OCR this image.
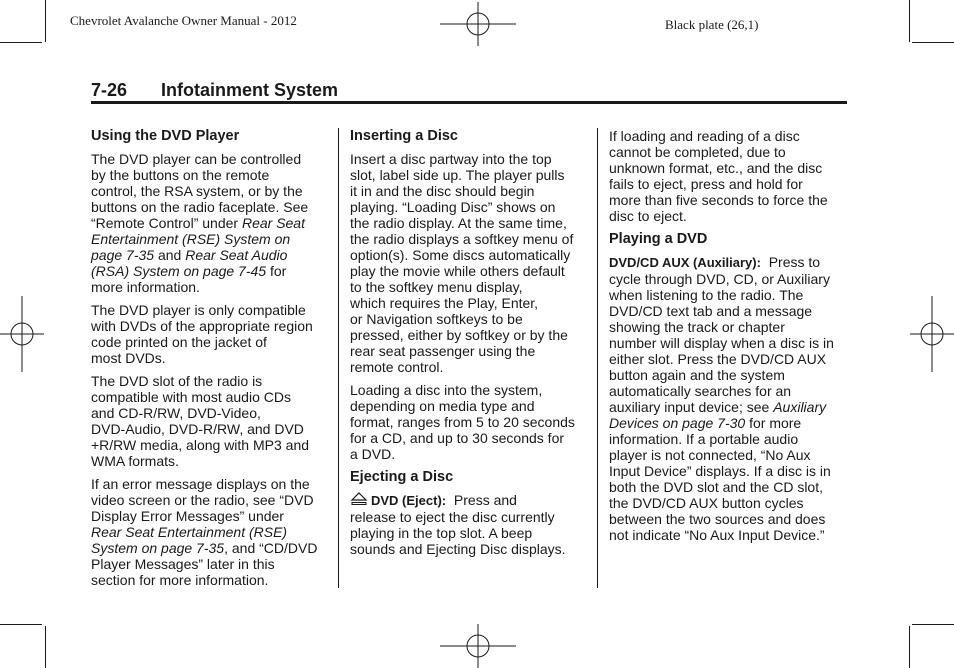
Chevrolet Avalanche Owner Manual - 2012	Black plate (26,1)
7-26 Infotainment System
Using the DVD Player

The DVD player can be controlled
by the buttons on the remote
control, the RSA system, or by the
buttons on the radio faceplate. See
“Remote Control” under Rear Seat
Entertainment (RSE) System on
page 7-35 and Rear Seat Audio
(RSA) System on page 7-45 for
more information.

The DVD player is only compatible
with DVDs of the appropriate region
code printed on the jacket of
most DVDs.

The DVD slot of the radio is
compatible with most audio CDs
and CD-R/RW, DVD-Video,
DVD-Audio, DVD-R/RW, and DVD
+R/RW media, along with MP3 and
WMA formats.

If an error message displays on the
video screen or the radio, see “DVD
Display Error Messages” under
Rear Seat Entertainment (RSE)
System on page 7-35, and “CD/DVD
Player Messages” later in this
section for more information.

Inserting a Disc

Insert a disc partway into the top
slot, label side up. The player pulls
it in and the disc should begin
playing. “Loading Disc” shows on
the radio display. At the same time,
the radio displays a softkey menu of
option(s). Some discs automatically
play the movie while others default
to the softkey menu display,
which requires the Play, Enter,
or Navigation softkeys to be
pressed, either by softkey or by the
rear seat passenger using the
remote control.

Loading a disc into the system,
depending on media type and
format, ranges from 5 to 20 seconds
for a CD, and up to 30 seconds for
a DVD.

Ejecting a Disc

DVD (Eject):  Press and
release to eject the disc currently
playing in the top slot. A beep
sounds and Ejecting Disc displays.

If loading and reading of a disc
cannot be completed, due to
unknown format, etc., and the disc
fails to eject, press and hold for
more than five seconds to force the
disc to eject.

Playing a DVD

DVD/CD AUX (Auxiliary):  Press to
cycle through DVD, CD, or Auxiliary
when listening to the radio. The
DVD/CD text tab and a message
showing the track or chapter
number will display when a disc is in
either slot. Press the DVD/CD AUX
button again and the system
automatically searches for an
auxiliary input device; see Auxiliary
Devices on page 7-30 for more
information. If a portable audio
player is not connected, “No Aux
Input Device” displays. If a disc is in
both the DVD slot and the CD slot,
the DVD/CD AUX button cycles
between the two sources and does
not indicate “No Aux Input Device.”
